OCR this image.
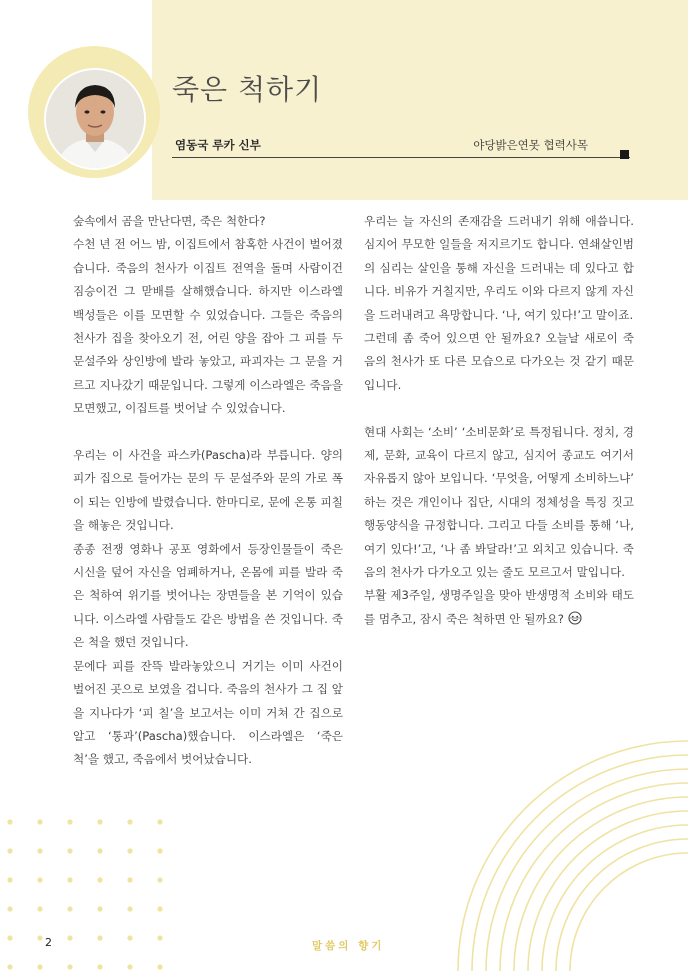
죽은 척하기
염동국 루카 신부	야당밝은연못 협력사목

숲속에서 곰을 만난다면, 죽은 척한다?

수천 년 전 어느 밤, 이집트에서 참혹한 사건이 벌어졌습니다. 죽음의 천사가 이집트 전역을 돌며 사람이건 짐승이건 그 맏배를 살해했습니다. 하지만 이스라엘 백성들은 이를 모면할 수 있었습니다. 그들은 죽음의 천사가 집을 찾아오기 전, 어린 양을 잡아 그 피를 두 문설주와 상인방에 발라 놓았고, 파괴자는 그 문을 거르고 지나갔기 때문입니다. 그렇게 이스라엘은 죽음을 모면했고, 이집트를 벗어날 수 있었습니다.

우리는 이 사건을 파스카(Pascha)라 부릅니다. 양의 피가 집으로 들어가는 문의 두 문설주와 문의 가로 폭이 되는 인방에 발렸습니다. 한마디로, 문에 온통 피칠을 해놓은 것입니다.

종종 전쟁 영화나 공포 영화에서 등장인물들이 죽은 시신을 덮어 자신을 엄폐하거나, 온몸에 피를 발라 죽은 척하여 위기를 벗어나는 장면들을 본 기억이 있습니다. 이스라엘 사람들도 같은 방법을 쓴 것입니다. 죽은 척을 했던 것입니다.

문에다 피를 잔뜩 발라놓았으니 거기는 이미 사건이 벌어진 곳으로 보였을 겁니다. 죽음의 천사가 그 집 앞을 지나다가 ‘피 칠’을 보고서는 이미 거쳐 간 집으로 알고 ‘통과’(Pascha)했습니다. 이스라엘은 ‘죽은 척’을 했고, 죽음에서 벗어났습니다.

우리는 늘 자신의 존재감을 드러내기 위해 애씁니다. 심지어 무모한 일들을 저지르기도 합니다. 연쇄살인범의 심리는 살인을 통해 자신을 드러내는 데 있다고 합니다. 비유가 거칠지만, 우리도 이와 다르지 않게 자신을 드러내려고 욕망합니다. ‘나, 여기 있다!’고 말이죠.

그런데 좀 죽어 있으면 안 될까요? 오늘날 새로이 죽음의 천사가 또 다른 모습으로 다가오는 것 같기 때문입니다.

현대 사회는 ‘소비’ ‘소비문화’로 특정됩니다. 정치, 경제, 문화, 교육이 다르지 않고, 심지어 종교도 여기서 자유롭지 않아 보입니다. ‘무엇을, 어떻게 소비하느냐’ 하는 것은 개인이나 집단, 시대의 정체성을 특징 짓고 행동양식을 규정합니다. 그리고 다들 소비를 통해 ‘나, 여기 있다!’고, ‘나 좀 봐달라!’고 외치고 있습니다. 죽음의 천사가 다가오고 있는 줄도 모르고서 말입니다.

부활 제3주일, 생명주일을 맞아 반생명적 소비와 태도를 멈추고, 잠시 죽은 척하면 안 될까요?

2	말씀의 향기
